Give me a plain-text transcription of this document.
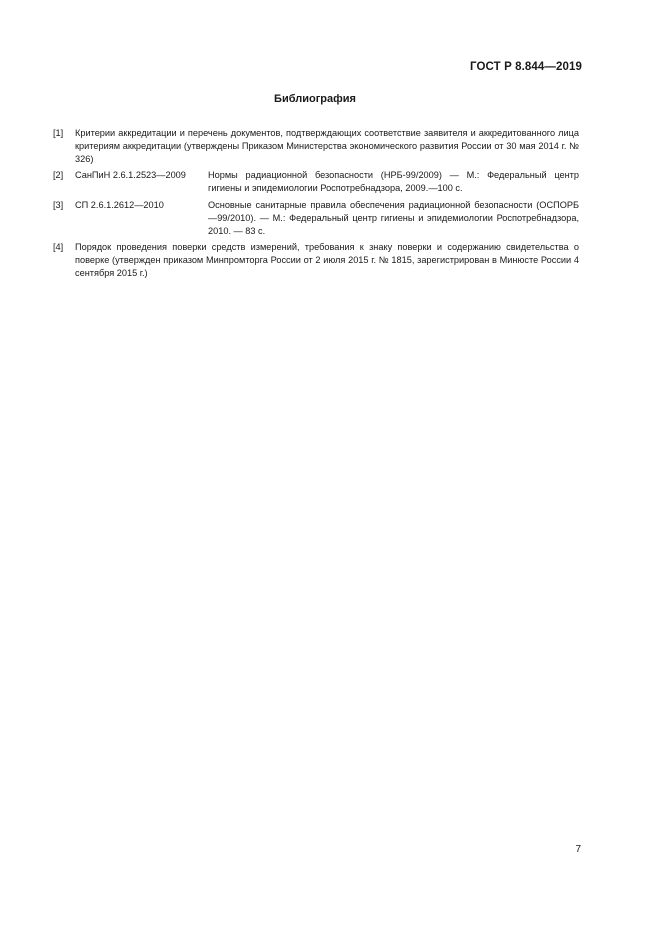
ГОСТ Р 8.844—2019
Библиография
[1] Критерии аккредитации и перечень документов, подтверждающих соответствие заявителя и аккредитованного лица критериям аккредитации (утверждены Приказом Министерства экономического развития России от 30 мая 2014 г. № 326)
[2] СанПиН 2.6.1.2523—2009	Нормы радиационной безопасности (НРБ-99/2009) — М.: Федеральный центр гигиены и эпидемиологии Роспотребнадзора, 2009.—100 с.
[3] СП 2.6.1.2612—2010	Основные санитарные правила обеспечения радиационной безопасности (ОСПОРБ—99/2010). — М.: Федеральный центр гигиены и эпидемиологии Роспотребнадзора, 2010. — 83 с.
[4] Порядок проведения поверки средств измерений, требования к знаку поверки и содержанию свидетельства о поверке (утвержден приказом Минпромторга России от 2 июля 2015 г. № 1815, зарегистрирован в Минюсте России 4 сентября 2015 г.)
7
